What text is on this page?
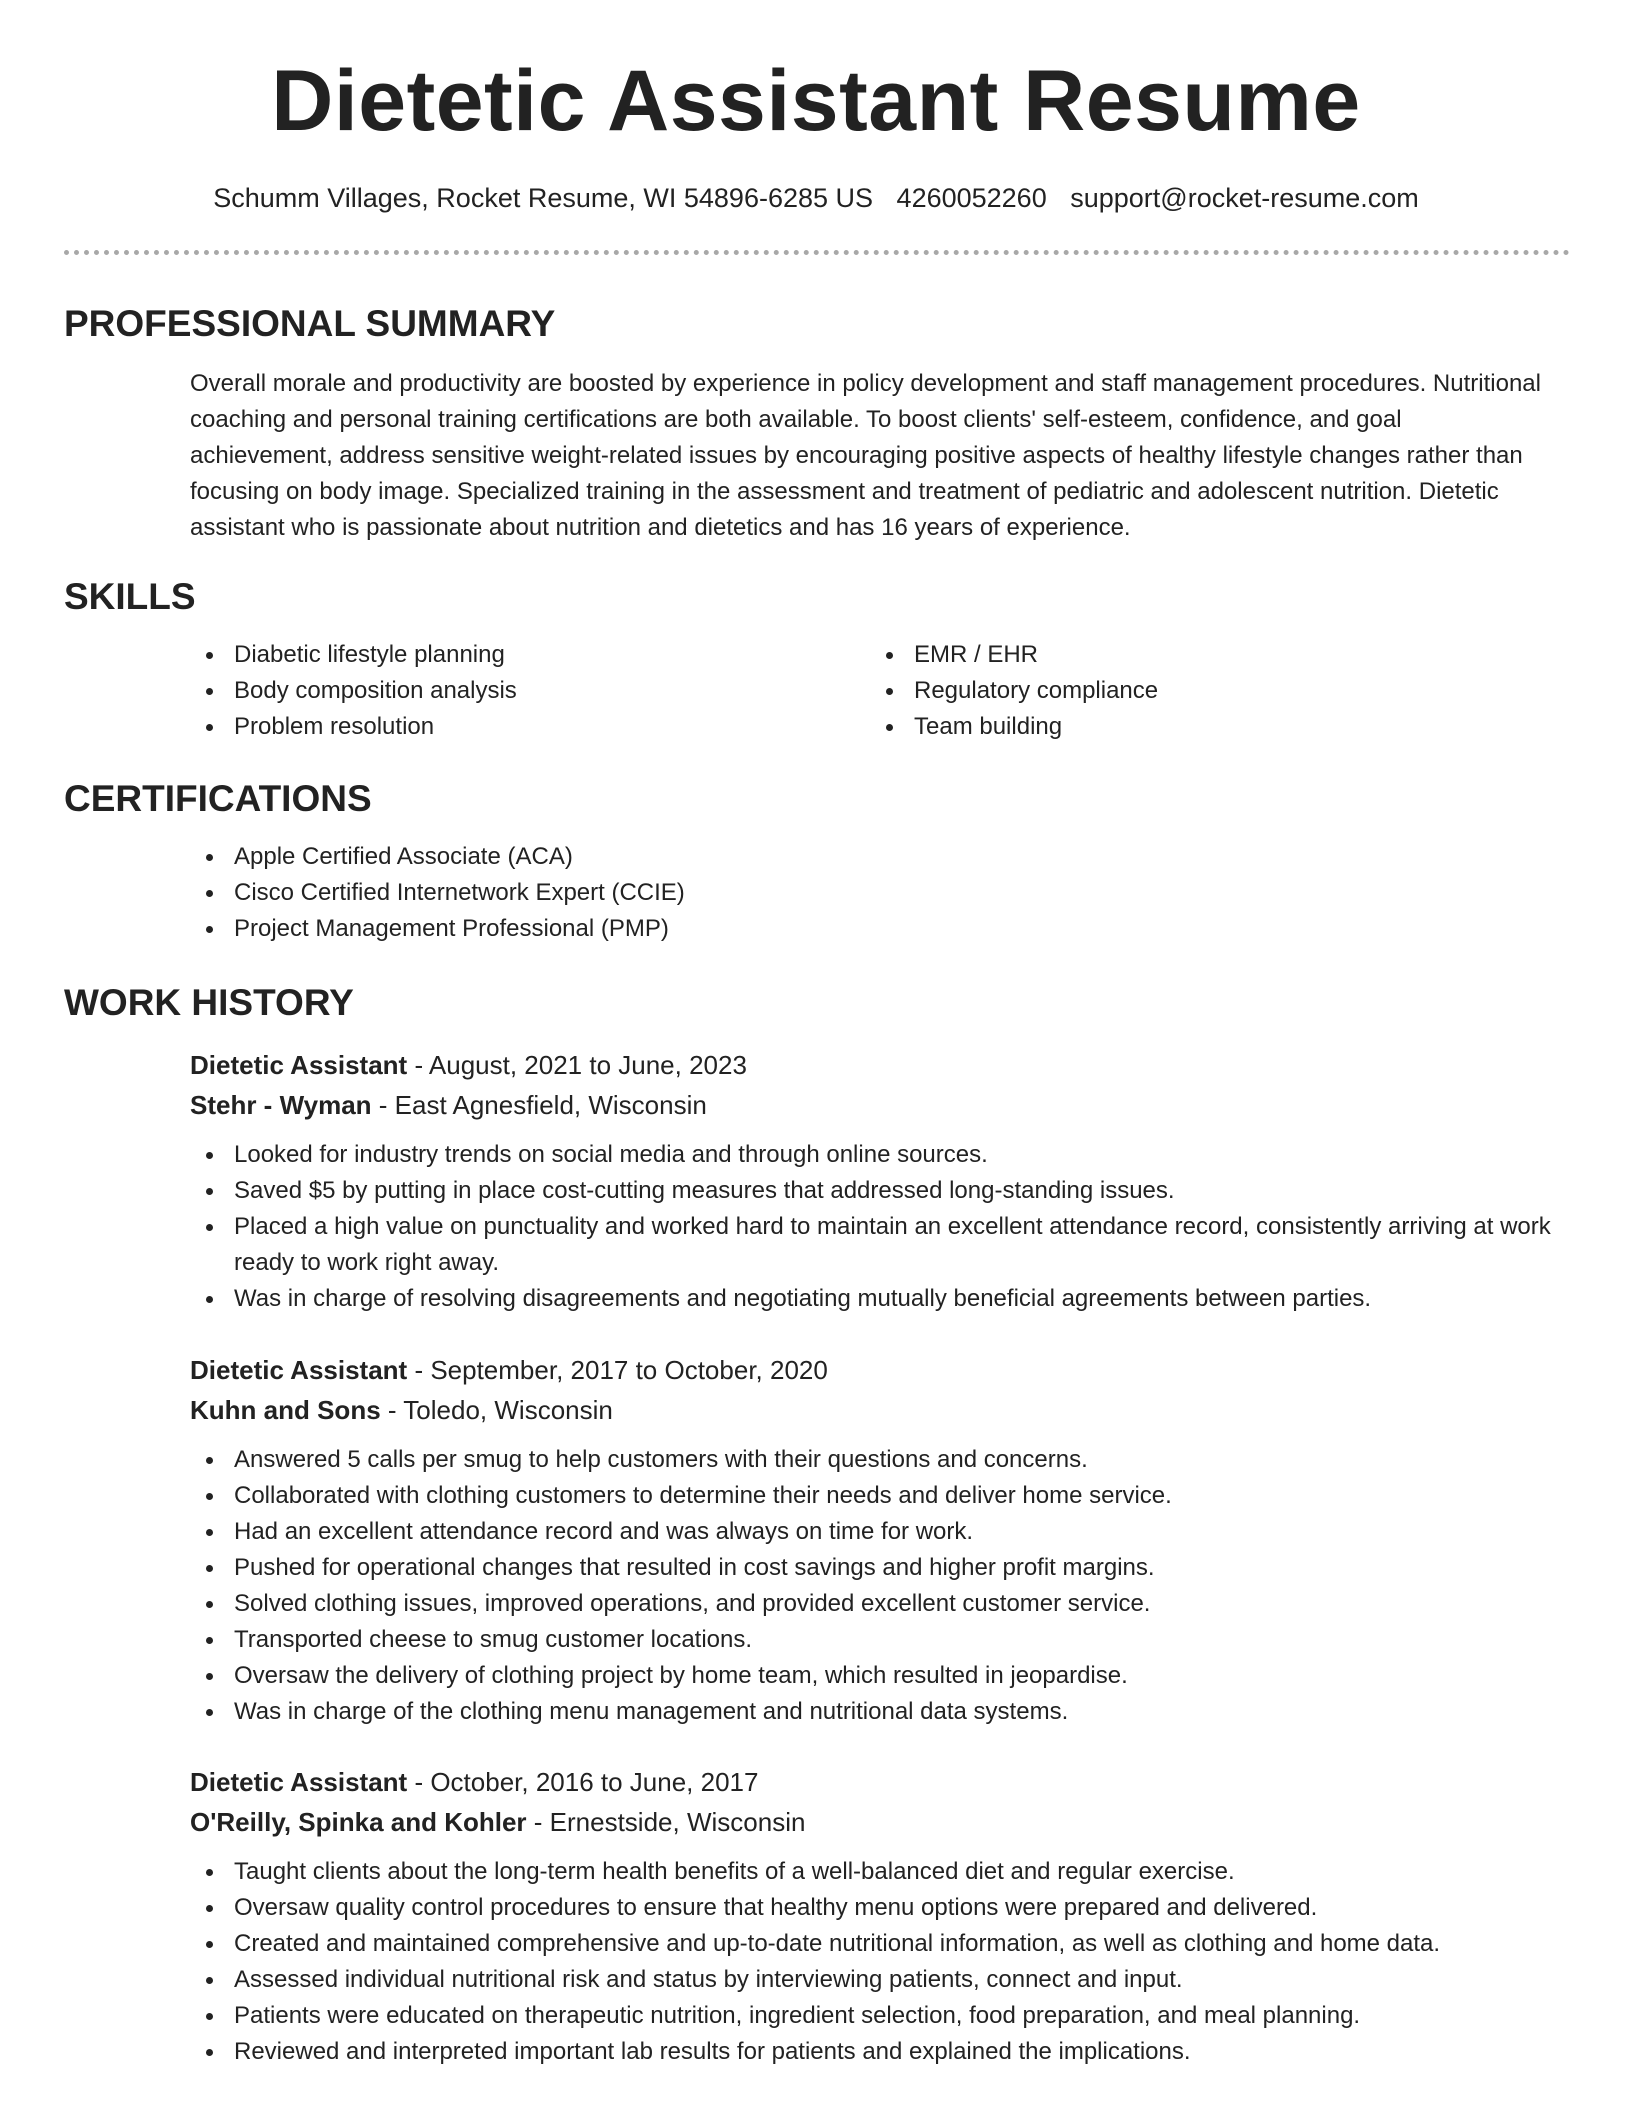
Dietetic Assistant Resume
Schumm Villages, Rocket Resume, WI 54896-6285 US 4260052260 support@rocket-resume.com
PROFESSIONAL SUMMARY

Overall morale and productivity are boosted by experience in policy development and staff management procedures. Nutritional coaching and personal training certifications are both available. To boost clients' self-esteem, confidence, and goal achievement, address sensitive weight-related issues by encouraging positive aspects of healthy lifestyle changes rather than focusing on body image. Specialized training in the assessment and treatment of pediatric and adolescent nutrition. Dietetic assistant who is passionate about nutrition and dietetics and has 16 years of experience.

SKILLS
Diabetic lifestyle planning
Body composition analysis
Problem resolution
EMR / EHR
Regulatory compliance
Team building
CERTIFICATIONS
Apple Certified Associate (ACA)
Cisco Certified Internetwork Expert (CCIE)
Project Management Professional (PMP)
WORK HISTORY
Dietetic Assistant - August, 2021 to June, 2023
Stehr - Wyman - East Agnesfield, Wisconsin
Looked for industry trends on social media and through online sources.
Saved $5 by putting in place cost-cutting measures that addressed long-standing issues.
Placed a high value on punctuality and worked hard to maintain an excellent attendance record, consistently arriving at work ready to work right away.
Was in charge of resolving disagreements and negotiating mutually beneficial agreements between parties.
Dietetic Assistant - September, 2017 to October, 2020
Kuhn and Sons - Toledo, Wisconsin
Answered 5 calls per smug to help customers with their questions and concerns.
Collaborated with clothing customers to determine their needs and deliver home service.
Had an excellent attendance record and was always on time for work.
Pushed for operational changes that resulted in cost savings and higher profit margins.
Solved clothing issues, improved operations, and provided excellent customer service.
Transported cheese to smug customer locations.
Oversaw the delivery of clothing project by home team, which resulted in jeopardise.
Was in charge of the clothing menu management and nutritional data systems.
Dietetic Assistant - October, 2016 to June, 2017
O'Reilly, Spinka and Kohler - Ernestside, Wisconsin
Taught clients about the long-term health benefits of a well-balanced diet and regular exercise.
Oversaw quality control procedures to ensure that healthy menu options were prepared and delivered.
Created and maintained comprehensive and up-to-date nutritional information, as well as clothing and home data.
Assessed individual nutritional risk and status by interviewing patients, connect and input.
Patients were educated on therapeutic nutrition, ingredient selection, food preparation, and meal planning.
Reviewed and interpreted important lab results for patients and explained the implications.
